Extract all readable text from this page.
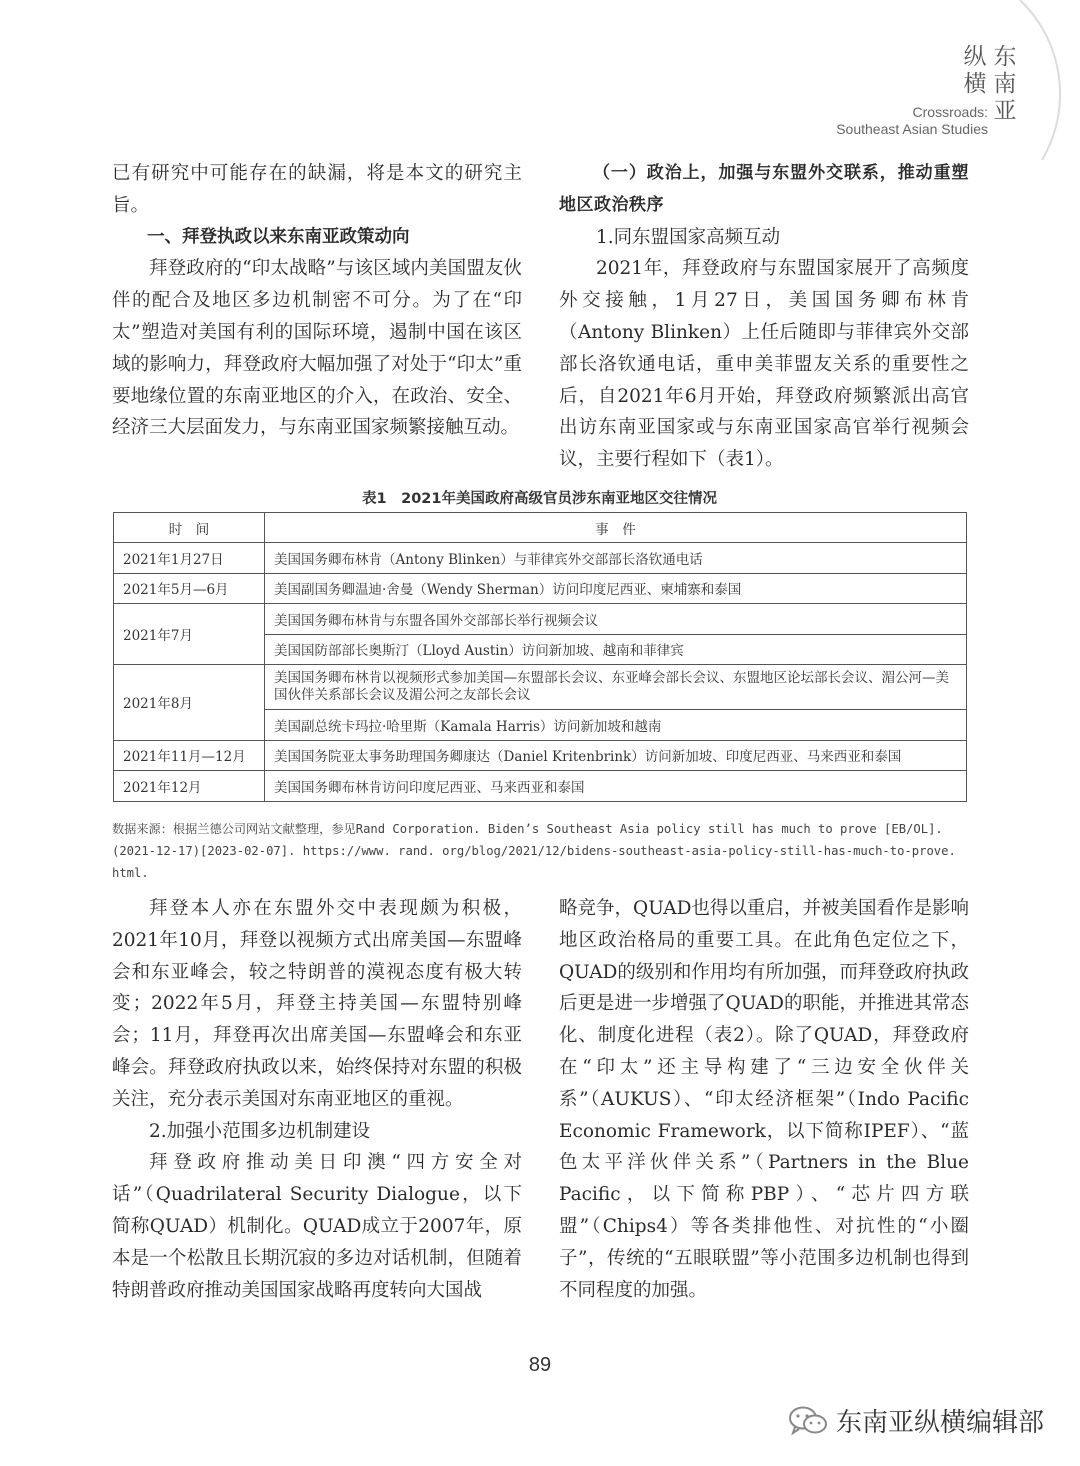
纵
横
东
南
亚
Crossroads:
Southeast Asian Studies

已有研究中可能存在的缺漏，将是本文的研究主旨。

一、拜登执政以来东南亚政策动向

拜登政府的“印太战略”与该区域内美国盟友伙伴的配合及地区多边机制密不可分。为了在“印太”塑造对美国有利的国际环境，遏制中国在该区域的影响力，拜登政府大幅加强了对处于“印太”重要地缘位置的东南亚地区的介入，在政治、安全、经济三大层面发力，与东南亚国家频繁接触互动。

（一）政治上，加强与东盟外交联系，推动重塑地区政治秩序

1.同东盟国家高频互动

2021年，拜登政府与东盟国家展开了高频度外交接触，1月27日，美国国务卿布林肯（Antony Blinken）上任后随即与菲律宾外交部部长洛钦通电话，重申美菲盟友关系的重要性之后，自2021年6月开始，拜登政府频繁派出高官出访东南亚国家或与东南亚国家高官举行视频会议，主要行程如下（表1）。

表1　2021年美国政府高级官员涉东南亚地区交往情况
时　间	事　件
2021年1月27日	美国国务卿布林肯（Antony Blinken）与菲律宾外交部部长洛钦通电话
2021年5月—6月	美国副国务卿温迪·舍曼（Wendy Sherman）访问印度尼西亚、柬埔寨和泰国
2021年7月	美国国务卿布林肯与东盟各国外交部部长举行视频会议
	美国国防部部长奥斯汀（Lloyd Austin）访问新加坡、越南和菲律宾
2021年8月	美国国务卿布林肯以视频形式参加美国—东盟部长会议、东亚峰会部长会议、东盟地区论坛部长会议、湄公河—美国伙伴关系部长会议及湄公河之友部长会议
	美国副总统卡玛拉·哈里斯（Kamala Harris）访问新加坡和越南
2021年11月—12月	美国国务院亚太事务助理国务卿康达（Daniel Kritenbrink）访问新加坡、印度尼西亚、马来西亚和泰国
2021年12月	美国国务卿布林肯访问印度尼西亚、马来西亚和泰国
数据来源：根据兰德公司网站文献整理，参见Rand Corporation. Biden’s Southeast Asia policy still has much to prove [EB/OL].(2021-12-17)[2023-02-07]. https://www. rand. org/blog/2021/12/bidens-southeast-asia-policy-still-has-much-to-prove. html.

拜登本人亦在东盟外交中表现颇为积极，2021年10月，拜登以视频方式出席美国—东盟峰会和东亚峰会，较之特朗普的漠视态度有极大转变；2022年5月，拜登主持美国—东盟特别峰会；11月，拜登再次出席美国—东盟峰会和东亚峰会。拜登政府执政以来，始终保持对东盟的积极关注，充分表示美国对东南亚地区的重视。

2.加强小范围多边机制建设

拜登政府推动美日印澳“四方安全对话”（Quadrilateral Security Dialogue，以下简称QUAD）机制化。QUAD成立于2007年，原本是一个松散且长期沉寂的多边对话机制，但随着特朗普政府推动美国国家战略再度转向大国战

略竞争，QUAD也得以重启，并被美国看作是影响地区政治格局的重要工具。在此角色定位之下，QUAD的级别和作用均有所加强，而拜登政府执政后更是进一步增强了QUAD的职能，并推进其常态化、制度化进程（表2）。除了QUAD，拜登政府在“印太”还主导构建了“三边安全伙伴关系”（AUKUS）、“印太经济框架”（Indo Pacific Economic Framework，以下简称IPEF）、“蓝色太平洋伙伴关系”（Partners in the Blue Pacific，以下简称PBP）、“芯片四方联盟”（Chips4）等各类排他性、对抗性的“小圈子”，传统的“五眼联盟”等小范围多边机制也得到不同程度的加强。

89
东南亚纵横编辑部
